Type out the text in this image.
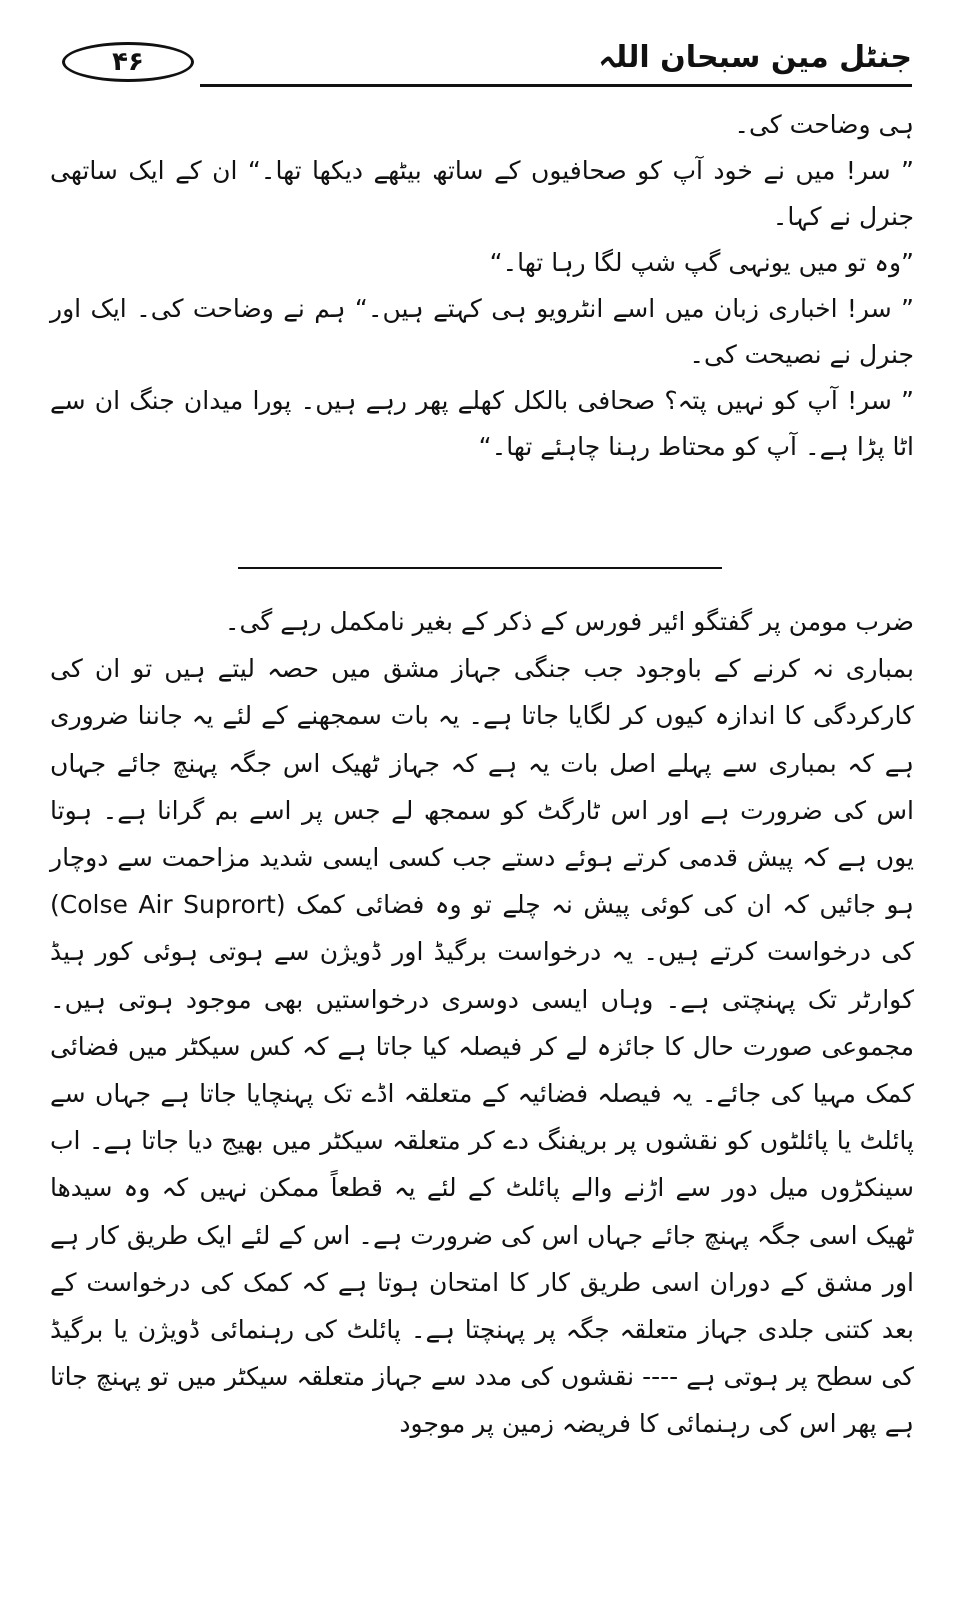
۴۶	جنٹل مین سبحان اللہ

ہی وضاحت کی۔

” سر! میں نے خود آپ کو صحافیوں کے ساتھ بیٹھے دیکھا تھا۔“ ان کے ایک ساتھی جنرل نے کہا۔

”وہ تو میں یونہی گپ شپ لگا رہا تھا۔“

” سر! اخباری زبان میں اسے انٹرویو ہی کہتے ہیں۔“ ہم نے وضاحت کی۔ ایک اور جنرل نے نصیحت کی۔

” سر! آپ کو نہیں پتہ؟ صحافی بالکل کھلے پھر رہے ہیں۔ پورا میدان جنگ ان سے اٹا پڑا ہے۔ آپ کو محتاط رہنا چاہئے تھا۔“

ضرب مومن پر گفتگو ائیر فورس کے ذکر کے بغیر نامکمل رہے گی۔

بمباری نہ کرنے کے باوجود جب جنگی جہاز مشق میں حصہ لیتے ہیں تو ان کی کارکردگی کا اندازہ کیوں کر لگایا جاتا ہے۔ یہ بات سمجھنے کے لئے یہ جاننا ضروری ہے کہ بمباری سے پہلے اصل بات یہ ہے کہ جہاز ٹھیک اس جگہ پہنچ جائے جہاں اس کی ضرورت ہے اور اس ٹارگٹ کو سمجھ لے جس پر اسے بم گرانا ہے۔ ہوتا یوں ہے کہ پیش قدمی کرتے ہوئے دستے جب کسی ایسی شدید مزاحمت سے دوچار ہو جائیں کہ ان کی کوئی پیش نہ چلے تو وہ فضائی کمک (Colse Air Suprort) کی درخواست کرتے ہیں۔ یہ درخواست برگیڈ اور ڈویژن سے ہوتی ہوئی کور ہیڈ کوارٹر تک پہنچتی ہے۔ وہاں ایسی دوسری درخواستیں بھی موجود ہوتی ہیں۔ مجموعی صورت حال کا جائزہ لے کر فیصلہ کیا جاتا ہے کہ کس سیکٹر میں فضائی کمک مہیا کی جائے۔ یہ فیصلہ فضائیہ کے متعلقہ اڈے تک پہنچایا جاتا ہے جہاں سے پائلٹ یا پائلٹوں کو نقشوں پر بریفنگ دے کر متعلقہ سیکٹر میں بھیج دیا جاتا ہے۔ اب سینکڑوں میل دور سے اڑنے والے پائلٹ کے لئے یہ قطعاً ممکن نہیں کہ وہ سیدھا ٹھیک اسی جگہ پہنچ جائے جہاں اس کی ضرورت ہے۔ اس کے لئے ایک طریق کار ہے اور مشق کے دوران اسی طریق کار کا امتحان ہوتا ہے کہ کمک کی درخواست کے بعد کتنی جلدی جہاز متعلقہ جگہ پر پہنچتا ہے۔ پائلٹ کی رہنمائی ڈویژن یا برگیڈ کی سطح پر ہوتی ہے ---- نقشوں کی مدد سے جہاز متعلقہ سیکٹر میں تو پہنچ جاتا ہے پھر اس کی رہنمائی کا فریضہ زمین پر موجود
